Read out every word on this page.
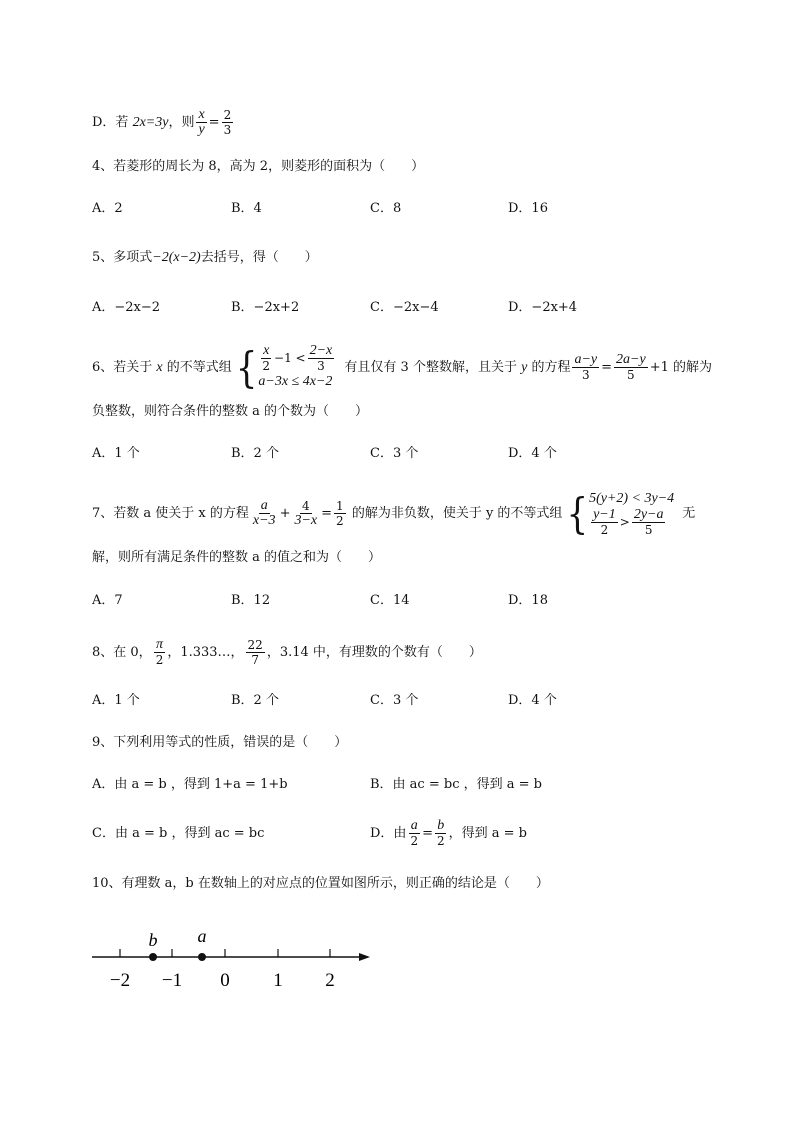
D．若 2x=3y，则 $\frac{x}{y} = \frac{2}{3}$
4、若菱形的周长为 8，高为 2，则菱形的面积为（　　）
A．2	B．4	C．8	D．16
5、多项式−2(x−2)去括号，得（　　）
A．−2x−2	B．−2x+2	C．−2x−4	D．−2x+4
6、若关于 x 的不等式组 { $\frac{x}{2} -1 < \frac{2-x}{3}$
a−3x ≤ 4x−2
有且仅有 3 个整数解，且关于 y 的方程 $\frac{a-y}{3} = \frac{2a-y}{5} +1$ 的解为
负整数，则符合条件的整数 a 的个数为（　　）
A．1 个	B．2 个	C．3 个	D．4 个
7、若数 a 使关于 x 的方程 $\frac{a}{x-3} + \frac{4}{3-x} = \frac{1}{2}$ 的解为非负数，使关于 y 的不等式组 { 5(y+2) < 3y−4
$\frac{y-1}{2} > \frac{2y-a}{5}$ 无
解，则所有满足条件的整数 a 的值之和为（　　）
A．7	B．12	C．14	D．18
8、在 0， $\frac{\pi}{2}$ ，1.333…， $\frac{22}{7}$ ，3.14 中，有理数的个数有（　　）
A．1 个	B．2 个	C．3 个	D．4 个
9、下列利用等式的性质，错误的是（　　）
A．由 a = b ，得到 1+a = 1+b	B．由 ac = bc ，得到 a = b
C．由 a = b ，得到 ac = bc	D．由 $\frac{a}{2} = \frac{b}{2}$ ，得到 a = b
10、有理数 a，b 在数轴上的对应点的位置如图所示，则正确的结论是（　　）
−2 −1 0 1 2
b a
